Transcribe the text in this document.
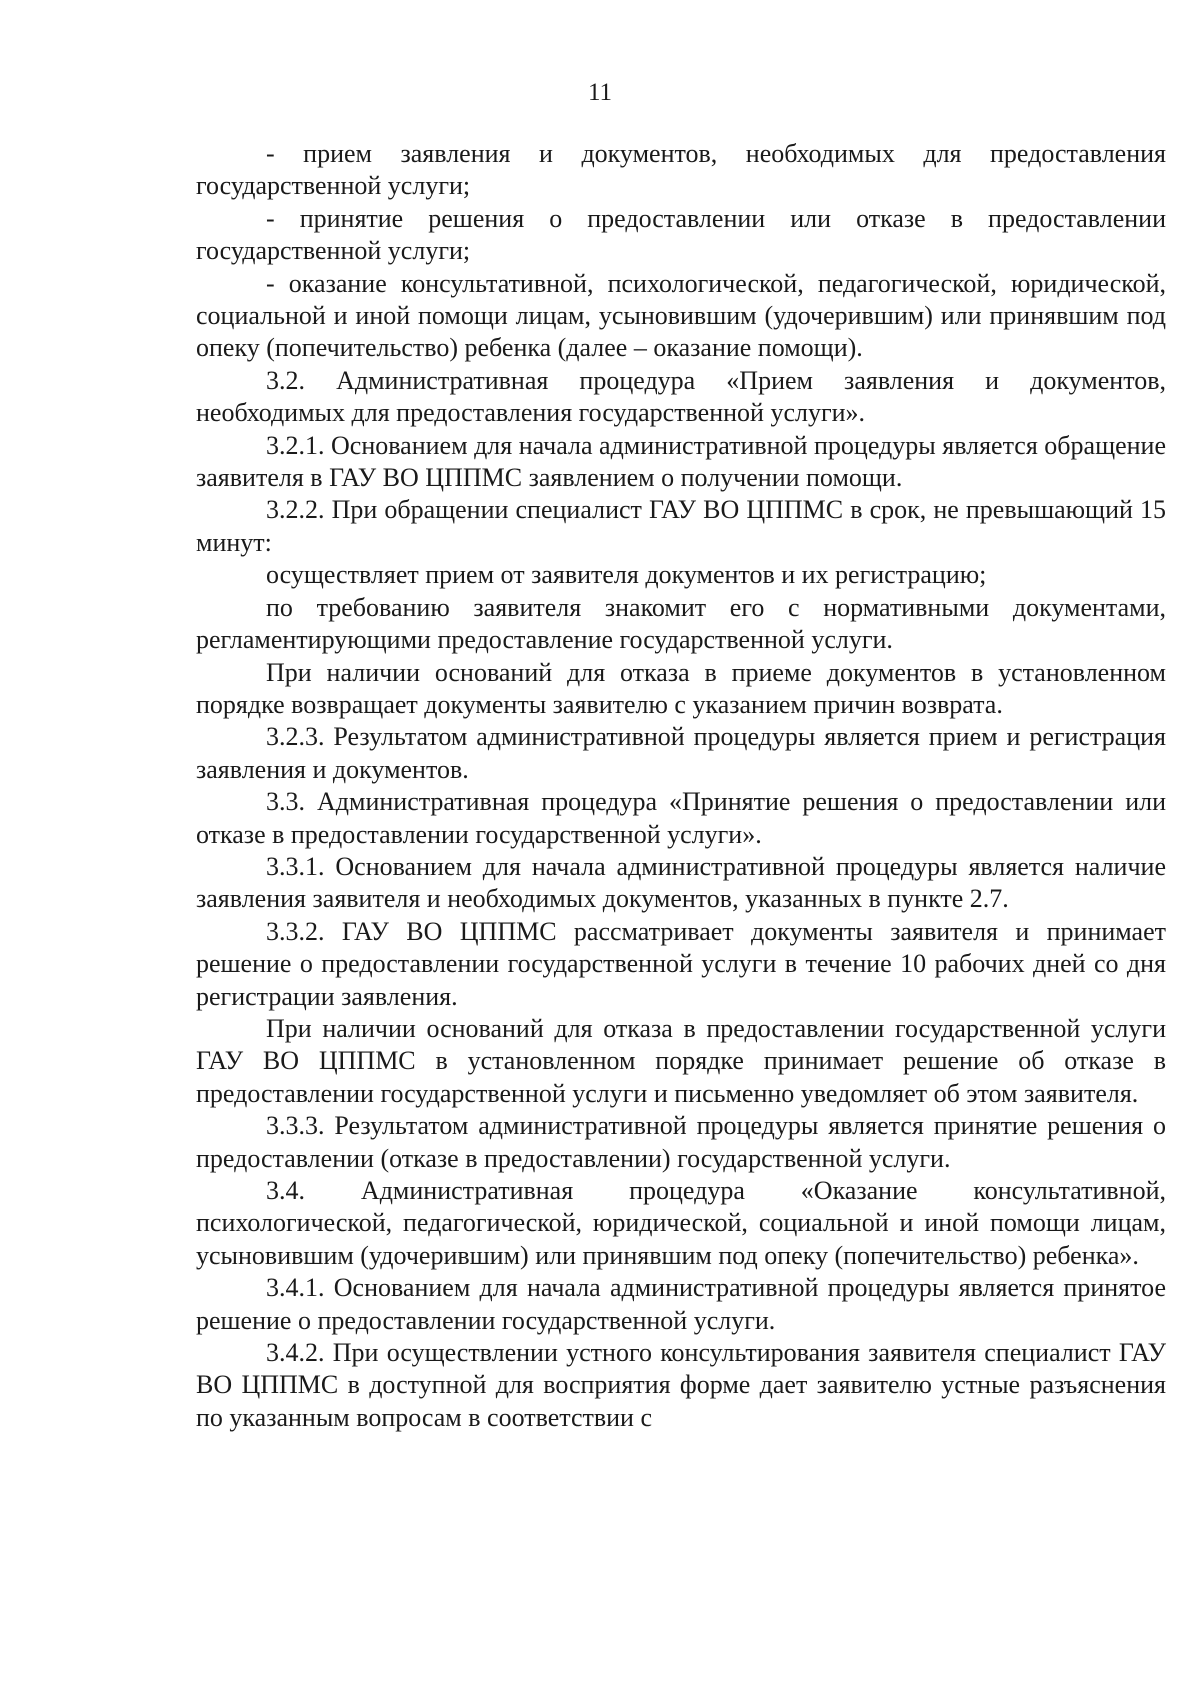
11

- прием заявления и документов, необходимых для предоставления государственной услуги;

- принятие решения о предоставлении или отказе в предоставлении государственной услуги;

- оказание консультативной, психологической, педагогической, юридической, социальной и иной помощи лицам, усыновившим (удочерившим) или принявшим под опеку (попечительство) ребенка (далее – оказание помощи).

3.2. Административная процедура «Прием заявления и документов, необходимых для предоставления государственной услуги».

3.2.1. Основанием для начала административной процедуры является обращение заявителя в ГАУ ВО ЦППМС заявлением о получении помощи.

3.2.2. При обращении специалист ГАУ ВО ЦППМС в срок, не превышающий 15 минут:

осуществляет прием от заявителя документов и их регистрацию;

по требованию заявителя знакомит его с нормативными документами, регламентирующими предоставление государственной услуги.

При наличии оснований для отказа в приеме документов в установленном порядке возвращает документы заявителю с указанием причин возврата.

3.2.3. Результатом административной процедуры является прием и регистрация заявления и документов.

3.3. Административная процедура «Принятие решения о предоставлении или отказе в предоставлении государственной услуги».

3.3.1. Основанием для начала административной процедуры является наличие заявления заявителя и необходимых документов, указанных в пункте 2.7.

3.3.2. ГАУ ВО ЦППМС рассматривает документы заявителя и принимает решение о предоставлении государственной услуги в течение 10 рабочих дней со дня регистрации заявления.

При наличии оснований для отказа в предоставлении государственной услуги ГАУ ВО ЦППМС в установленном порядке принимает решение об отказе в предоставлении государственной услуги и письменно уведомляет об этом заявителя.

3.3.3. Результатом административной процедуры является принятие решения о предоставлении (отказе в предоставлении) государственной услуги.

3.4. Административная процедура «Оказание консультативной, психологической, педагогической, юридической, социальной и иной помощи лицам, усыновившим (удочерившим) или принявшим под опеку (попечительство) ребенка».

3.4.1. Основанием для начала административной процедуры является принятое решение о предоставлении государственной услуги.

3.4.2. При осуществлении устного консультирования заявителя специалист ГАУ ВО ЦППМС в доступной для восприятия форме дает заявителю устные разъяснения по указанным вопросам в соответствии с
